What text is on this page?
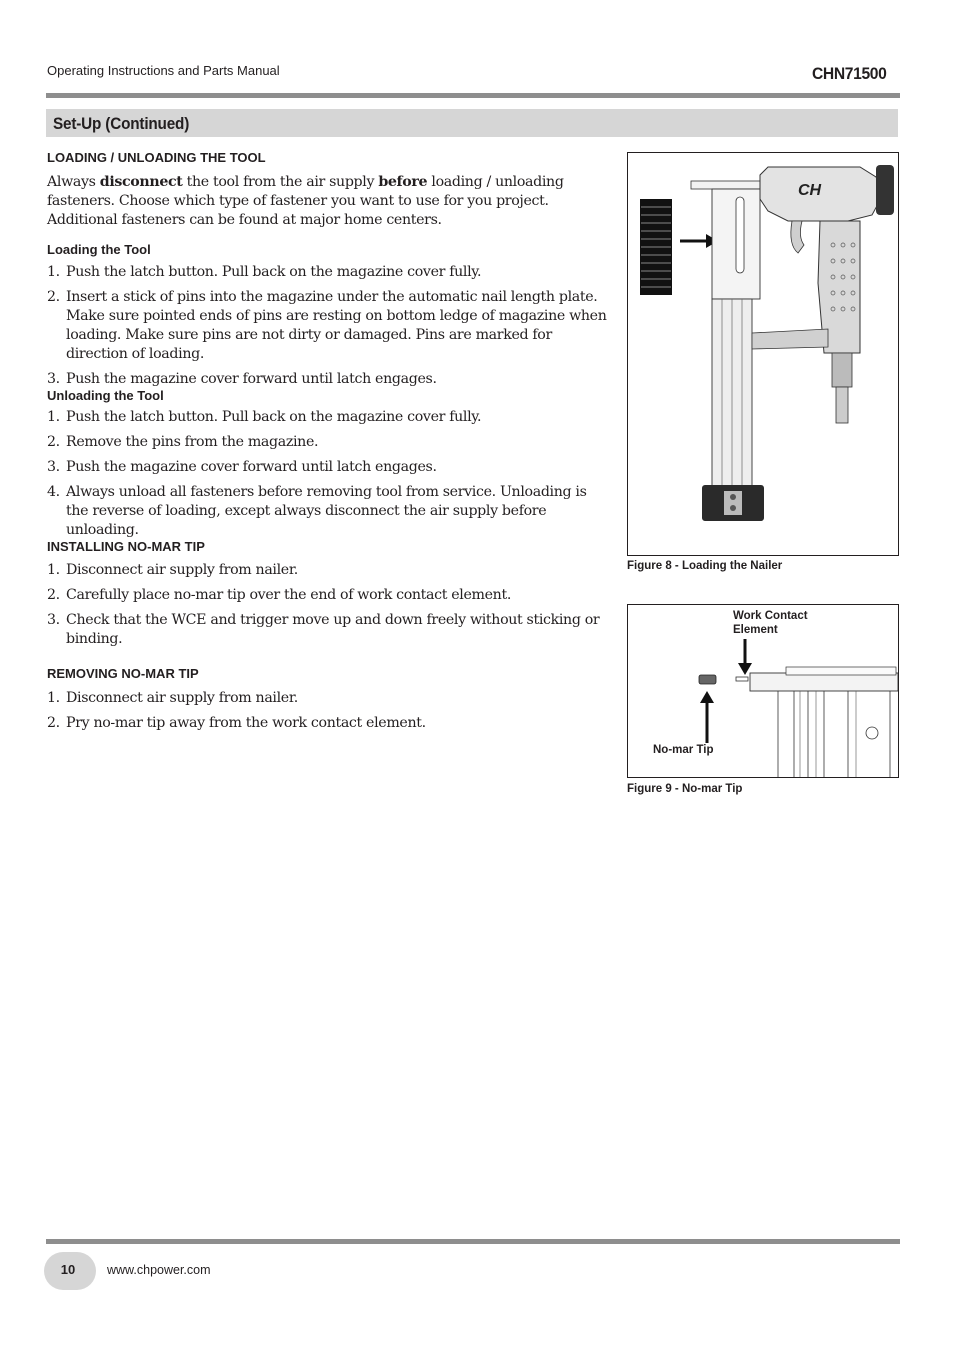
Operating Instructions and Parts Manual	CHN71500
Set-Up (Continued)
LOADING / UNLOADING THE TOOL
Always disconnect the tool from the air supply before loading / unloading fasteners. Choose which type of fastener you want to use for you project. Additional fasteners can be found at major home centers.
Loading the Tool
1. Push the latch button. Pull back on the magazine cover fully.
2. Insert a stick of pins into the magazine under the automatic nail length plate. Make sure pointed ends of pins are resting on bottom ledge of magazine when loading. Make sure pins are not dirty or damaged. Pins are marked for direction of loading.
3. Push the magazine cover forward until latch engages.
Unloading the Tool
1. Push the latch button. Pull back on the magazine cover fully.
2. Remove the pins from the magazine.
3. Push the magazine cover forward until latch engages.
4. Always unload all fasteners before removing tool from service. Unloading is the reverse of loading, except always disconnect the air supply before unloading.
INSTALLING NO-MAR TIP
1. Disconnect air supply from nailer.
2. Carefully place no-mar tip over the end of work contact element.
3. Check that the WCE and trigger move up and down freely without sticking or binding.
REMOVING NO-MAR TIP
1. Disconnect air supply from nailer.
2. Pry no-mar tip away from the work contact element.
CH
Figure 8 - Loading the Nailer
Work Contact
Element
No-mar Tip
Figure 9 - No-mar Tip
10	www.chpower.com
